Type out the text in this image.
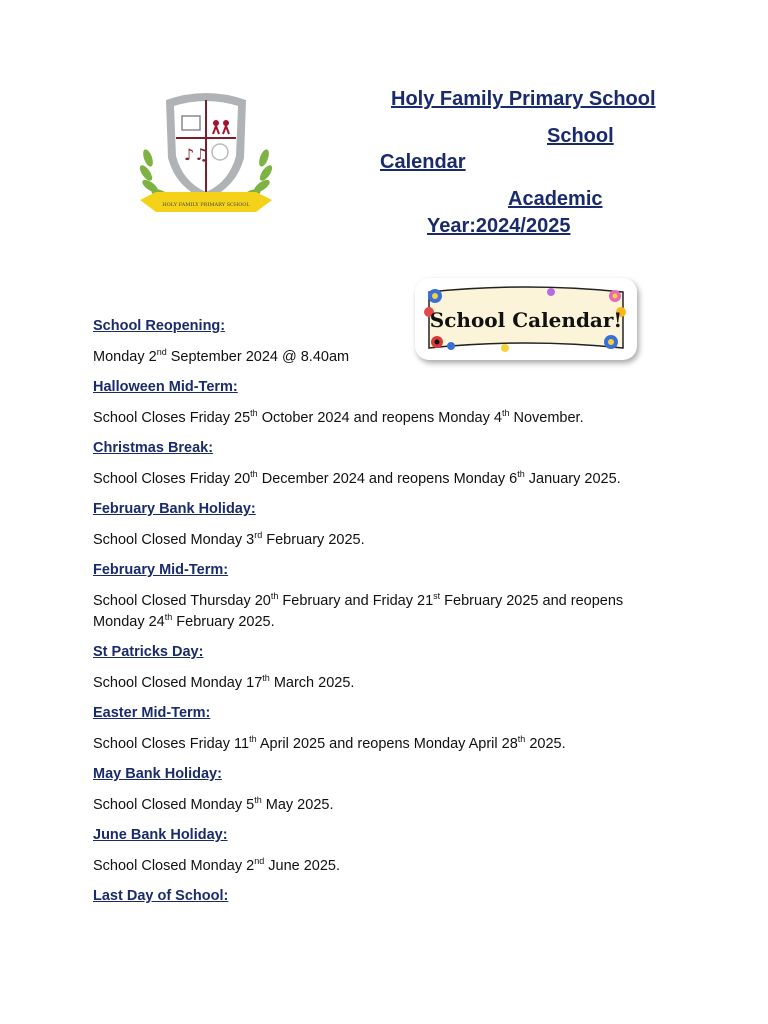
♪♫
HOLY FAMILY PRIMARY SCHOOL
Holy Family Primary School
School
Calendar
Academic
Year:2024/2025
School Calendar!
School Reopening:
Monday 2nd September 2024 @ 8.40am
Halloween Mid-Term:
School Closes Friday 25th October 2024 and reopens Monday 4th November.
Christmas Break:
School Closes Friday 20th December 2024 and reopens Monday 6th January 2025.
February Bank Holiday:
School Closed Monday 3rd February 2025.
February Mid-Term:
School Closed Thursday 20th February and Friday 21st February 2025 and reopens
Monday 24th February 2025.
St Patricks Day:
School Closed Monday 17th March 2025.
Easter Mid-Term:
School Closes Friday 11th April 2025 and reopens Monday April 28th 2025.
May Bank Holiday:
School Closed Monday 5th May 2025.
June Bank Holiday:
School Closed Monday 2nd June 2025.
Last Day of School:
